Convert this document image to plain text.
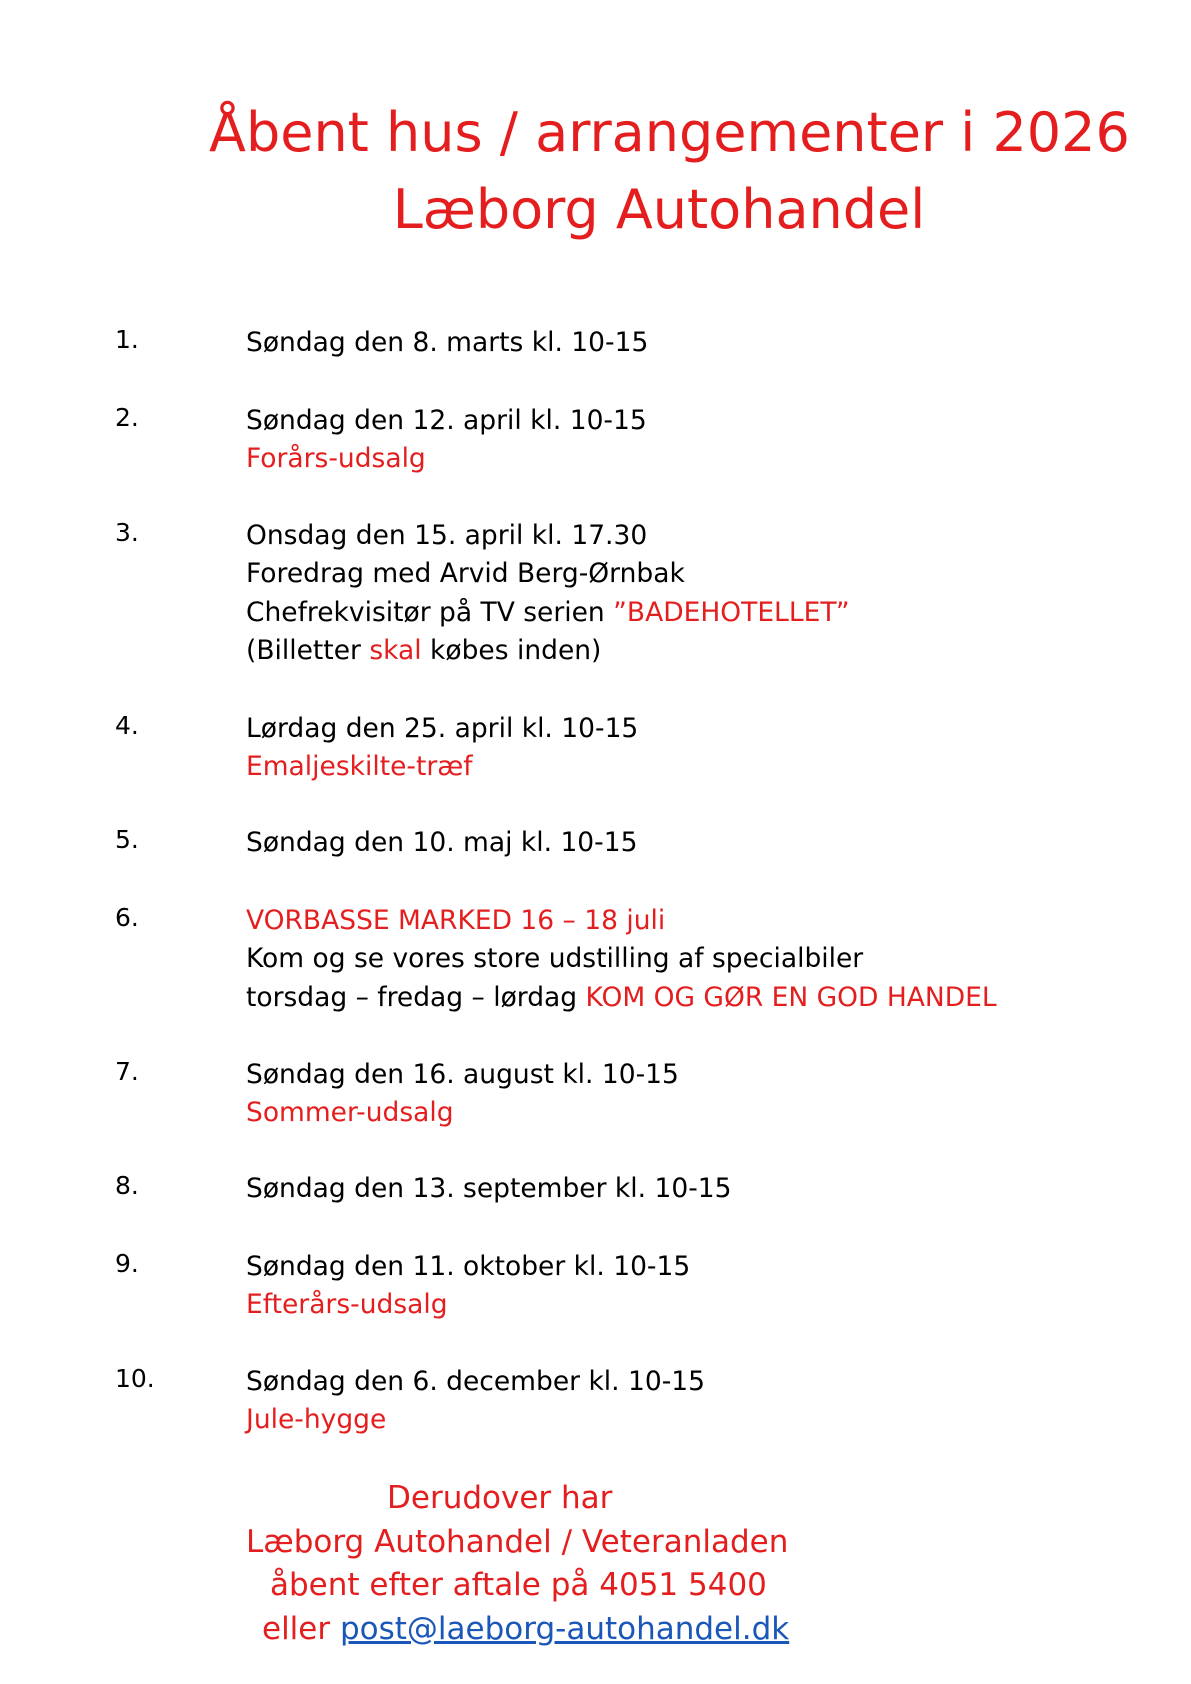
Åbent hus / arrangementer i 2026
Læborg Autohandel
1.	Søndag den 8. marts kl. 10-15
2.	Søndag den 12. april kl. 10-15
Forårs-udsalg
3.	Onsdag den 15. april kl. 17.30
Foredrag med Arvid Berg-Ørnbak
Chefrekvisitør på TV serien ”BADEHOTELLET”
(Billetter skal købes inden)
4.	Lørdag den 25. april kl. 10-15
Emaljeskilte-træf
5.	Søndag den 10. maj kl. 10-15
6.	VORBASSE MARKED 16 – 18 juli
Kom og se vores store udstilling af specialbiler
torsdag – fredag – lørdag KOM OG GØR EN GOD HANDEL
7.	Søndag den 16. august kl. 10-15
Sommer-udsalg
8.	Søndag den 13. september kl. 10-15
9.	Søndag den 11. oktober kl. 10-15
Efterårs-udsalg
10.	Søndag den 6. december kl. 10-15
Jule-hygge
Derudover har
Læborg Autohandel / Veteranladen
åbent efter aftale på 4051 5400
eller post@laeborg-autohandel.dk
